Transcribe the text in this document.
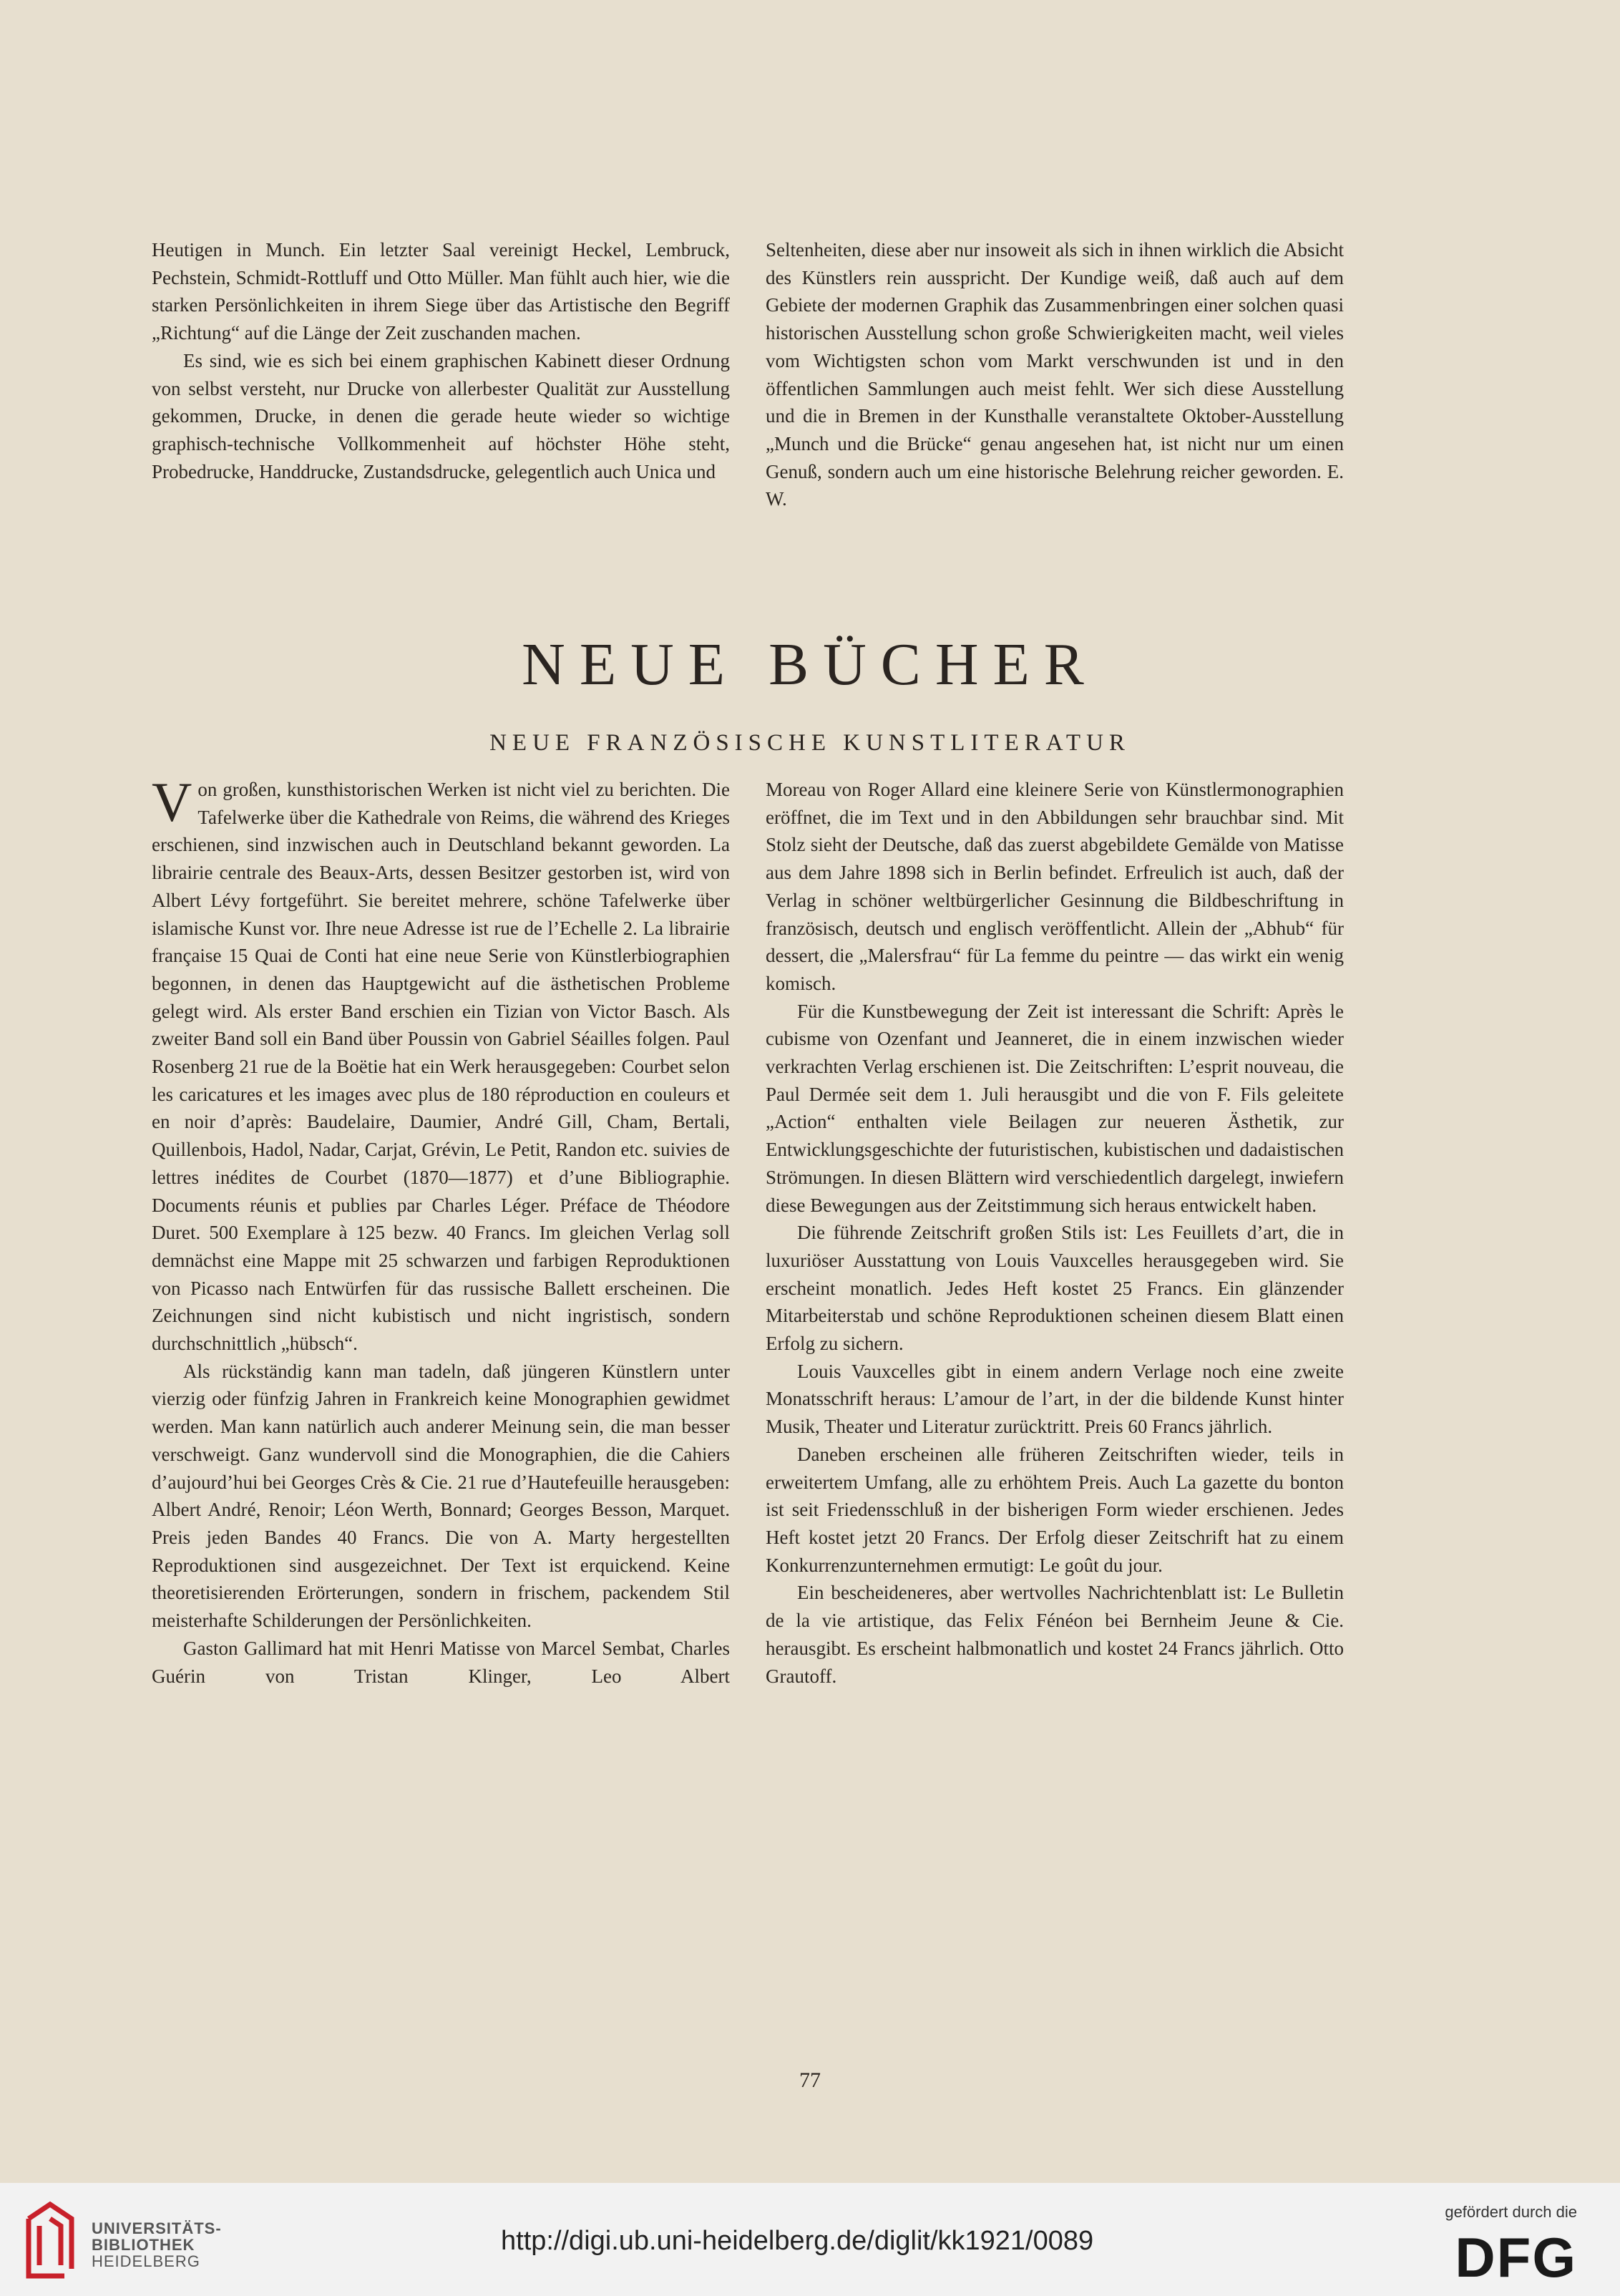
Heutigen in Munch. Ein letzter Saal vereinigt Heckel, Lembruck, Pechstein, Schmidt-Rottluff und Otto Müller. Man fühlt auch hier, wie die starken Persönlichkeiten in ihrem Siege über das Artistische den Begriff „Richtung“ auf die Länge der Zeit zuschanden machen.

Es sind, wie es sich bei einem graphischen Kabinett dieser Ordnung von selbst versteht, nur Drucke von allerbester Qualität zur Ausstellung gekommen, Drucke, in denen die gerade heute wieder so wichtige graphisch-technische Vollkommenheit auf höchster Höhe steht, Probedrucke, Handdrucke, Zustandsdrucke, gelegentlich auch Unica und

Seltenheiten, diese aber nur insoweit als sich in ihnen wirklich die Absicht des Künstlers rein ausspricht. Der Kundige weiß, daß auch auf dem Gebiete der modernen Graphik das Zusammenbringen einer solchen quasi historischen Ausstellung schon große Schwierigkeiten macht, weil vieles vom Wichtigsten schon vom Markt verschwunden ist und in den öffentlichen Sammlungen auch meist fehlt. Wer sich diese Ausstellung und die in Bremen in der Kunsthalle veranstaltete Oktober-Ausstellung „Munch und die Brücke“ genau angesehen hat, ist nicht nur um einen Genuß, sondern auch um eine historische Belehrung reicher geworden. E. W.

NEUE BÜCHER
NEUE FRANZÖSISCHE KUNSTLITERATUR

Von großen, kunsthistorischen Werken ist nicht viel zu berichten. Die Tafelwerke über die Kathedrale von Reims, die während des Krieges erschienen, sind inzwischen auch in Deutschland bekannt geworden. La librairie centrale des Beaux-Arts, dessen Besitzer gestorben ist, wird von Albert Lévy fortgeführt. Sie bereitet mehrere, schöne Tafelwerke über islamische Kunst vor. Ihre neue Adresse ist rue de l’Echelle 2. La librairie française 15 Quai de Conti hat eine neue Serie von Künstlerbiographien begonnen, in denen das Hauptgewicht auf die ästhetischen Probleme gelegt wird. Als erster Band erschien ein Tizian von Victor Basch. Als zweiter Band soll ein Band über Poussin von Gabriel Séailles folgen. Paul Rosenberg 21 rue de la Boëtie hat ein Werk herausgegeben: Courbet selon les caricatures et les images avec plus de 180 réproduction en couleurs et en noir d’après: Baudelaire, Daumier, André Gill, Cham, Bertali, Quillenbois, Hadol, Nadar, Carjat, Grévin, Le Petit, Randon etc. suivies de lettres inédites de Courbet (1870—1877) et d’une Bibliographie. Documents réunis et publies par Charles Léger. Préface de Théodore Duret. 500 Exemplare à 125 bezw. 40 Francs. Im gleichen Verlag soll demnächst eine Mappe mit 25 schwarzen und farbigen Reproduktionen von Picasso nach Entwürfen für das russische Ballett erscheinen. Die Zeichnungen sind nicht kubistisch und nicht ingristisch, sondern durchschnittlich „hübsch“.

Als rückständig kann man tadeln, daß jüngeren Künstlern unter vierzig oder fünfzig Jahren in Frankreich keine Monographien gewidmet werden. Man kann natürlich auch anderer Meinung sein, die man besser verschweigt. Ganz wundervoll sind die Monographien, die die Cahiers d’aujourd’hui bei Georges Crès & Cie. 21 rue d’Hautefeuille herausgeben: Albert André, Renoir; Léon Werth, Bonnard; Georges Besson, Marquet. Preis jeden Bandes 40 Francs. Die von A. Marty hergestellten Reproduktionen sind ausgezeichnet. Der Text ist erquickend. Keine theoretisierenden Erörterungen, sondern in frischem, packendem Stil meisterhafte Schilderungen der Persönlichkeiten.

Gaston Gallimard hat mit Henri Matisse von Marcel Sembat, Charles Guérin von Tristan Klinger, Leo Albert

Moreau von Roger Allard eine kleinere Serie von Künstlermonographien eröffnet, die im Text und in den Abbildungen sehr brauchbar sind. Mit Stolz sieht der Deutsche, daß das zuerst abgebildete Gemälde von Matisse aus dem Jahre 1898 sich in Berlin befindet. Erfreulich ist auch, daß der Verlag in schöner weltbürgerlicher Gesinnung die Bildbeschriftung in französisch, deutsch und englisch veröffentlicht. Allein der „Abhub“ für dessert, die „Malersfrau“ für La femme du peintre — das wirkt ein wenig komisch.

Für die Kunstbewegung der Zeit ist interessant die Schrift: Après le cubisme von Ozenfant und Jeanneret, die in einem inzwischen wieder verkrachten Verlag erschienen ist. Die Zeitschriften: L’esprit nouveau, die Paul Dermée seit dem 1. Juli herausgibt und die von F. Fils geleitete „Action“ enthalten viele Beilagen zur neueren Ästhetik, zur Entwicklungsgeschichte der futuristischen, kubistischen und dadaistischen Strömungen. In diesen Blättern wird verschiedentlich dargelegt, inwiefern diese Bewegungen aus der Zeitstimmung sich heraus entwickelt haben.

Die führende Zeitschrift großen Stils ist: Les Feuillets d’art, die in luxuriöser Ausstattung von Louis Vauxcelles herausgegeben wird. Sie erscheint monatlich. Jedes Heft kostet 25 Francs. Ein glänzender Mitarbeiterstab und schöne Reproduktionen scheinen diesem Blatt einen Erfolg zu sichern.

Louis Vauxcelles gibt in einem andern Verlage noch eine zweite Monatsschrift heraus: L’amour de l’art, in der die bildende Kunst hinter Musik, Theater und Literatur zurücktritt. Preis 60 Francs jährlich.

Daneben erscheinen alle früheren Zeitschriften wieder, teils in erweitertem Umfang, alle zu erhöhtem Preis. Auch La gazette du bonton ist seit Friedensschluß in der bisherigen Form wieder erschienen. Jedes Heft kostet jetzt 20 Francs. Der Erfolg dieser Zeitschrift hat zu einem Konkurrenzunternehmen ermutigt: Le goût du jour.

Ein bescheideneres, aber wertvolles Nachrichtenblatt ist: Le Bulletin de la vie artistique, das Felix Fénéon bei Bernheim Jeune & Cie. herausgibt. Es erscheint halbmonatlich und kostet 24 Francs jährlich. Otto Grautoff.

77
UNIVERSITÄTS-
BIBLIOTHEK
HEIDELBERG
http://digi.ub.uni-heidelberg.de/diglit/kk1921/0089
gefördert durch die
DFG
